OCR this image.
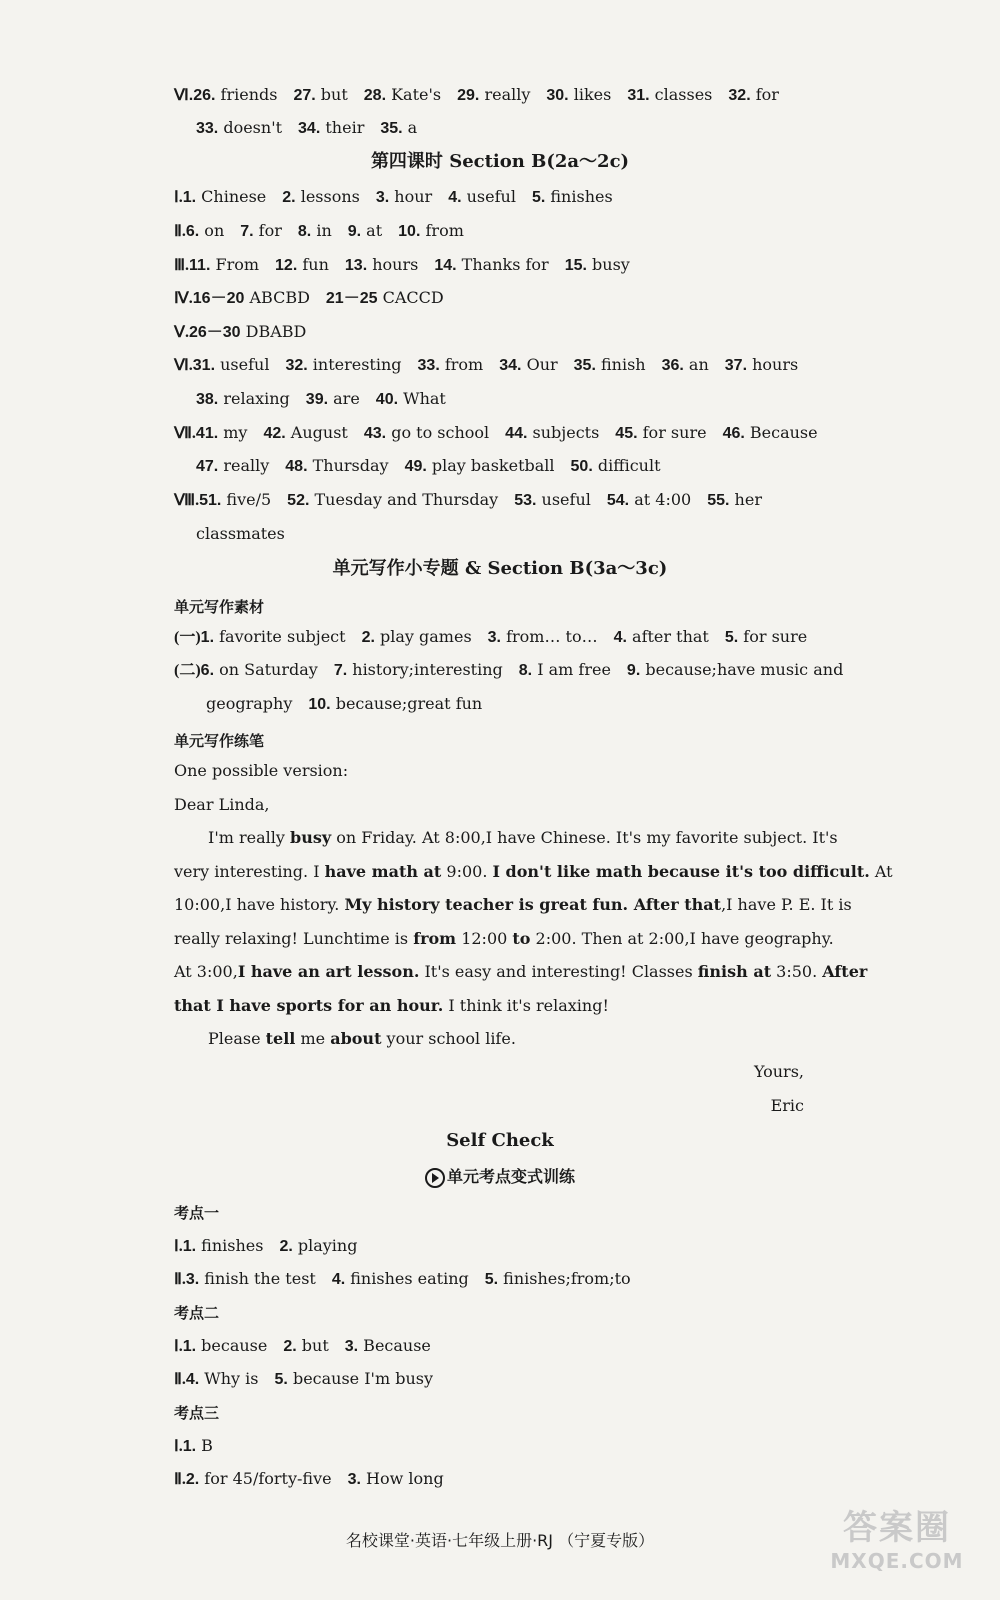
Ⅵ.26. friends 27. but 28. Kate's 29. really 30. likes 31. classes 32. for
33. doesn't 34. their 35. a
第四课时 Section B(2a～2c)
Ⅰ.1. Chinese 2. lessons 3. hour 4. useful 5. finishes
Ⅱ.6. on 7. for 8. in 9. at 10. from
Ⅲ.11. From 12. fun 13. hours 14. Thanks for 15. busy
Ⅳ.16－20 ABCBD 21－25 CACCD
Ⅴ.26－30 DBABD
Ⅵ.31. useful 32. interesting 33. from 34. Our 35. finish 36. an 37. hours
38. relaxing 39. are 40. What
Ⅶ.41. my 42. August 43. go to school 44. subjects 45. for sure 46. Because
47. really 48. Thursday 49. play basketball 50. difficult
Ⅷ.51. five/5 52. Tuesday and Thursday 53. useful 54. at 4:00 55. her
classmates
单元写作小专题 & Section B(3a～3c)
单元写作素材
(一)1. favorite subject 2. play games 3. from… to… 4. after that 5. for sure
(二)6. on Saturday 7. history;interesting 8. I am free 9. because;have music and
geography 10. because;great fun
单元写作练笔
One possible version:
Dear Linda,
I'm really busy on Friday. At 8:00,I have Chinese. It's my favorite subject. It's
very interesting. I have math at 9:00. I don't like math because it's too difficult. At
10:00,I have history. My history teacher is great fun. After that,I have P. E. It is
really relaxing! Lunchtime is from 12:00 to 2:00. Then at 2:00,I have geography.
At 3:00,I have an art lesson. It's easy and interesting! Classes finish at 3:50. After
that I have sports for an hour. I think it's relaxing!
Please tell me about your school life.
Yours,
Eric
Self Check
单元考点变式训练
考点一
Ⅰ.1. finishes 2. playing
Ⅱ.3. finish the test 4. finishes eating 5. finishes;from;to
考点二
Ⅰ.1. because 2. but 3. Because
Ⅱ.4. Why is 5. because I'm busy
考点三
Ⅰ.1. B
Ⅱ.2. for 45/forty-five 3. How long
名校课堂·英语·七年级上册·RJ （宁夏专版）	答案圈
MXQE.COM
